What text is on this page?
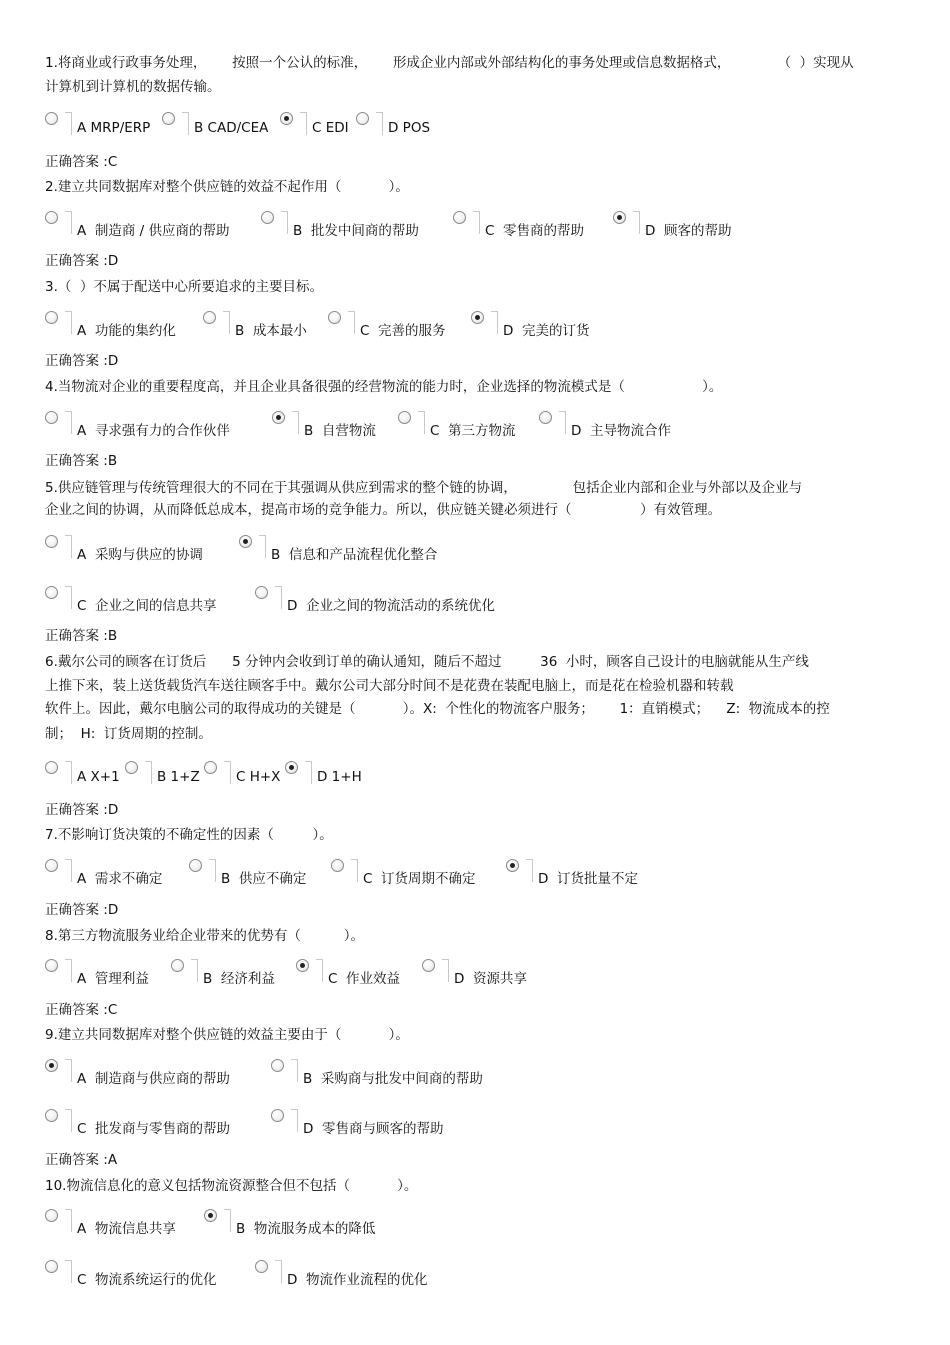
1.将商业或行政事务处理，      按照一个公认的标准，      形成企业内部或外部结构化的事务处理或信息数据格式，           （  ）实现从
计算机到计算机的数据传输。
A MRP/ERP	B CAD/CEA	C EDI	D POS
正确答案 :C
2.建立共同数据库对整个供应链的效益不起作用（           ）。
A  制造商 / 供应商的帮助	B  批发中间商的帮助	C  零售商的帮助	D  顾客的帮助
正确答案 :D
3.（  ）不属于配送中心所要追求的主要目标。
A  功能的集约化	B  成本最小	C  完善的服务	D  完美的订货
正确答案 :D
4.当物流对企业的重要程度高，并且企业具备很强的经营物流的能力时，企业选择的物流模式是（                  ）。
A  寻求强有力的合作伙伴	B  自营物流	C  第三方物流	D  主导物流合作
正确答案 :B
5.供应链管理与传统管理很大的不同在于其强调从供应到需求的整个链的协调，             包括企业内部和企业与外部以及企业与
企业之间的协调，从而降低总成本，提高市场的竞争能力。所以，供应链关键必须进行（                ）有效管理。
A  采购与供应的协调	B  信息和产品流程优化整合
C  企业之间的信息共享	D  企业之间的物流活动的系统优化
正确答案 :B
6.戴尔公司的顾客在订货后      5 分钟内会收到订单的确认通知，随后不超过         36  小时，顾客自己设计的电脑就能从生产线
上推下来，装上送货载货汽车送往顾客手中。戴尔公司大部分时间不是花费在装配电脑上，而是花在检验机器和转载
软件上。因此，戴尔电脑公司的取得成功的关键是（           ）。X:  个性化的物流客户服务；      1：直销模式；    Z:  物流成本的控
制；  H:  订货周期的控制。
A X+1	B 1+Z	C H+X	D 1+H
正确答案 :D
7.不影响订货决策的不确定性的因素（         ）。
A  需求不确定	B  供应不确定	C  订货周期不确定	D  订货批量不定
正确答案 :D
8.第三方物流服务业给企业带来的优势有（          ）。
A  管理利益	B  经济利益	C  作业效益	D  资源共享
正确答案 :C
9.建立共同数据库对整个供应链的效益主要由于（           ）。
A  制造商与供应商的帮助	B  采购商与批发中间商的帮助
C  批发商与零售商的帮助	D  零售商与顾客的帮助
正确答案 :A
10.物流信息化的意义包括物流资源整合但不包括（           ）。
A  物流信息共享	B  物流服务成本的降低
C  物流系统运行的优化	D  物流作业流程的优化
